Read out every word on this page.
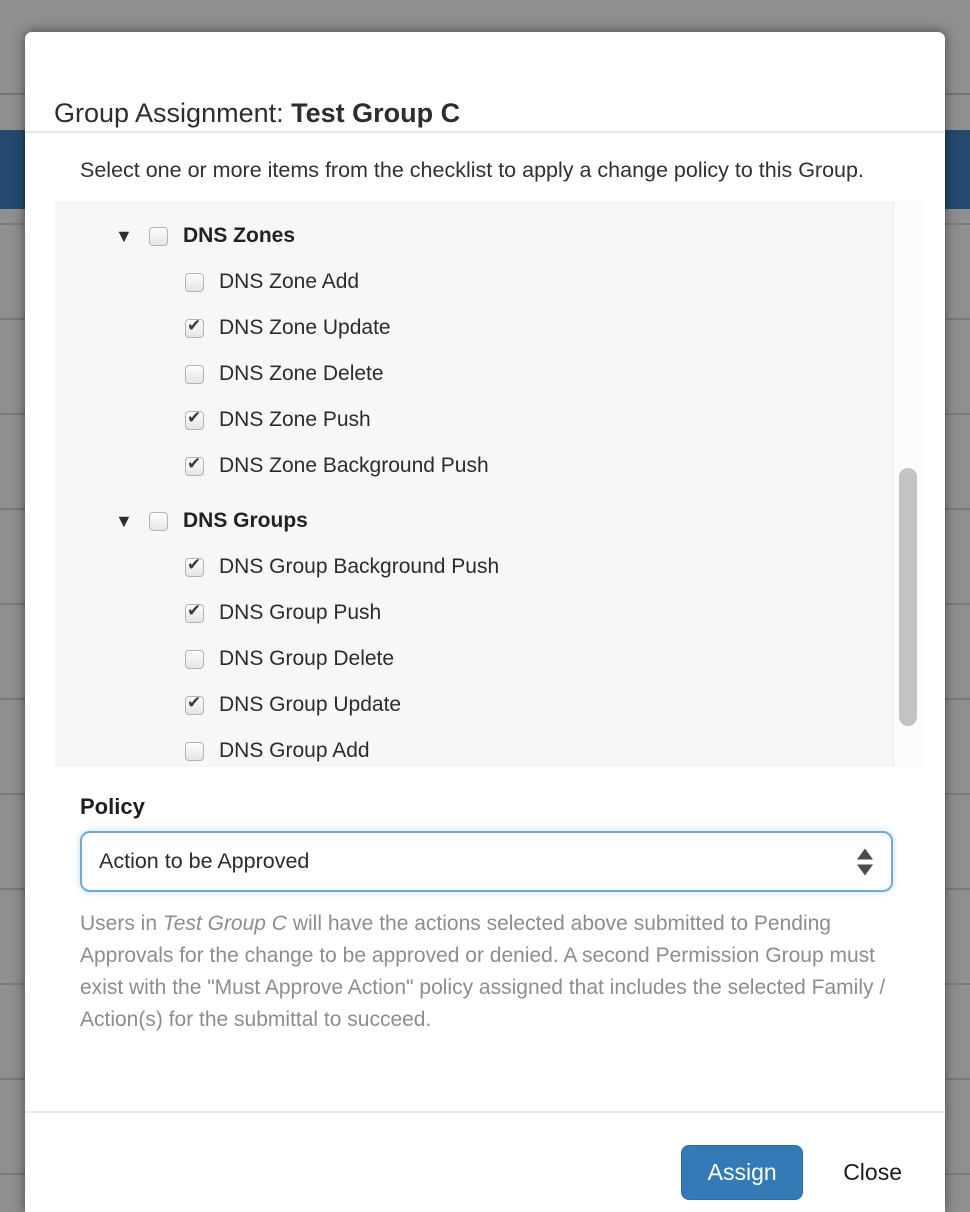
Group Assignment: Test Group C
Select one or more items from the checklist to apply a change policy to this Group.
▼
DNS Zones
DNS Zone Add
✔
DNS Zone Update
DNS Zone Delete
✔
DNS Zone Push
✔
DNS Zone Background Push
▼
DNS Groups
✔
DNS Group Background Push
✔
DNS Group Push
DNS Group Delete
✔
DNS Group Update
DNS Group Add
Policy
Action to be Approved
Users in Test Group C will have the actions selected above submitted to Pending Approvals for the change to be approved or denied. A second Permission Group must exist with the "Must Approve Action" policy assigned that includes the selected Family / Action(s) for the submittal to succeed.
Assign	Close
